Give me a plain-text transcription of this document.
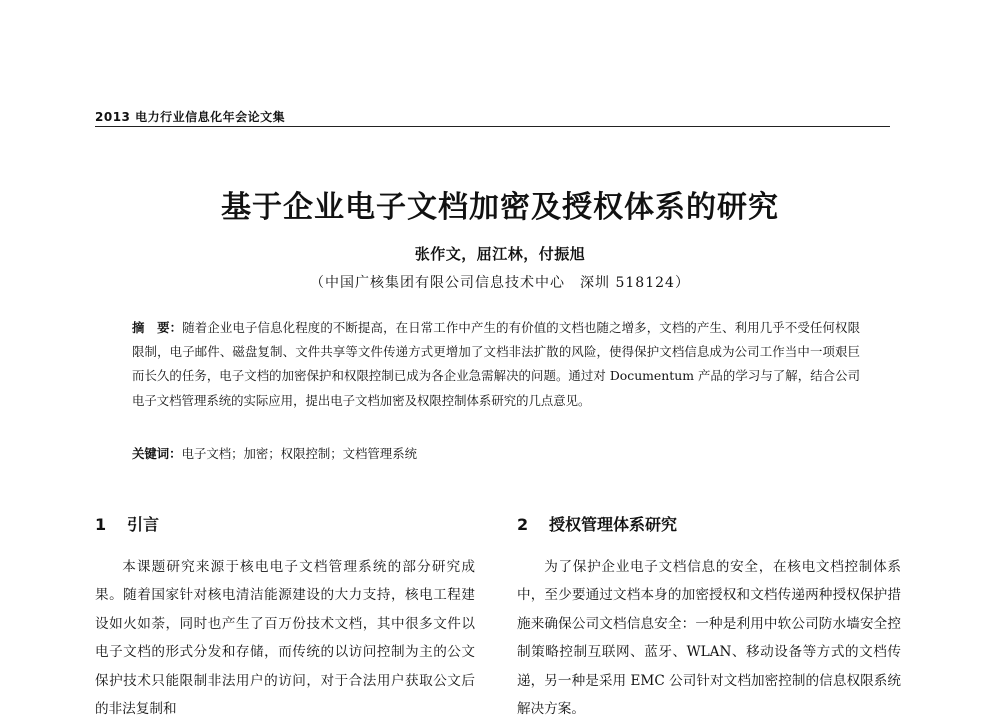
2013 电力行业信息化年会论文集
基于企业电子文档加密及授权体系的研究
张作文，屈江林，付振旭
（中国广核集团有限公司信息技术中心　深圳 518124）
摘　要：随着企业电子信息化程度的不断提高，在日常工作中产生的有价值的文档也随之增多，文档的产生、利用几乎不受任何权限限制，电子邮件、磁盘复制、文件共享等文件传递方式更增加了文档非法扩散的风险，使得保护文档信息成为公司工作当中一项艰巨而长久的任务，电子文档的加密保护和权限控制已成为各企业急需解决的问题。通过对 Documentum 产品的学习与了解，结合公司电子文档管理系统的实际应用，提出电子文档加密及权限控制体系研究的几点意见。
关键词：电子文档；加密；权限控制；文档管理系统
1 引言
本课题研究来源于核电电子文档管理系统的部分研究成果。随着国家针对核电清洁能源建设的大力支持，核电工程建设如火如荼，同时也产生了百万份技术文档，其中很多文件以电子文档的形式分发和存储，而传统的以访问控制为主的公文保护技术只能限制非法用户的访问，对于合法用户获取公文后的非法复制和
2 授权管理体系研究
为了保护企业电子文档信息的安全，在核电文档控制体系中，至少要通过文档本身的加密授权和文档传递两种授权保护措施来确保公司文档信息安全：一种是利用中软公司防水墙安全控制策略控制互联网、蓝牙、WLAN、移动设备等方式的文档传递，另一种是采用 EMC 公司针对文档加密控制的信息权限系统解决方案。
